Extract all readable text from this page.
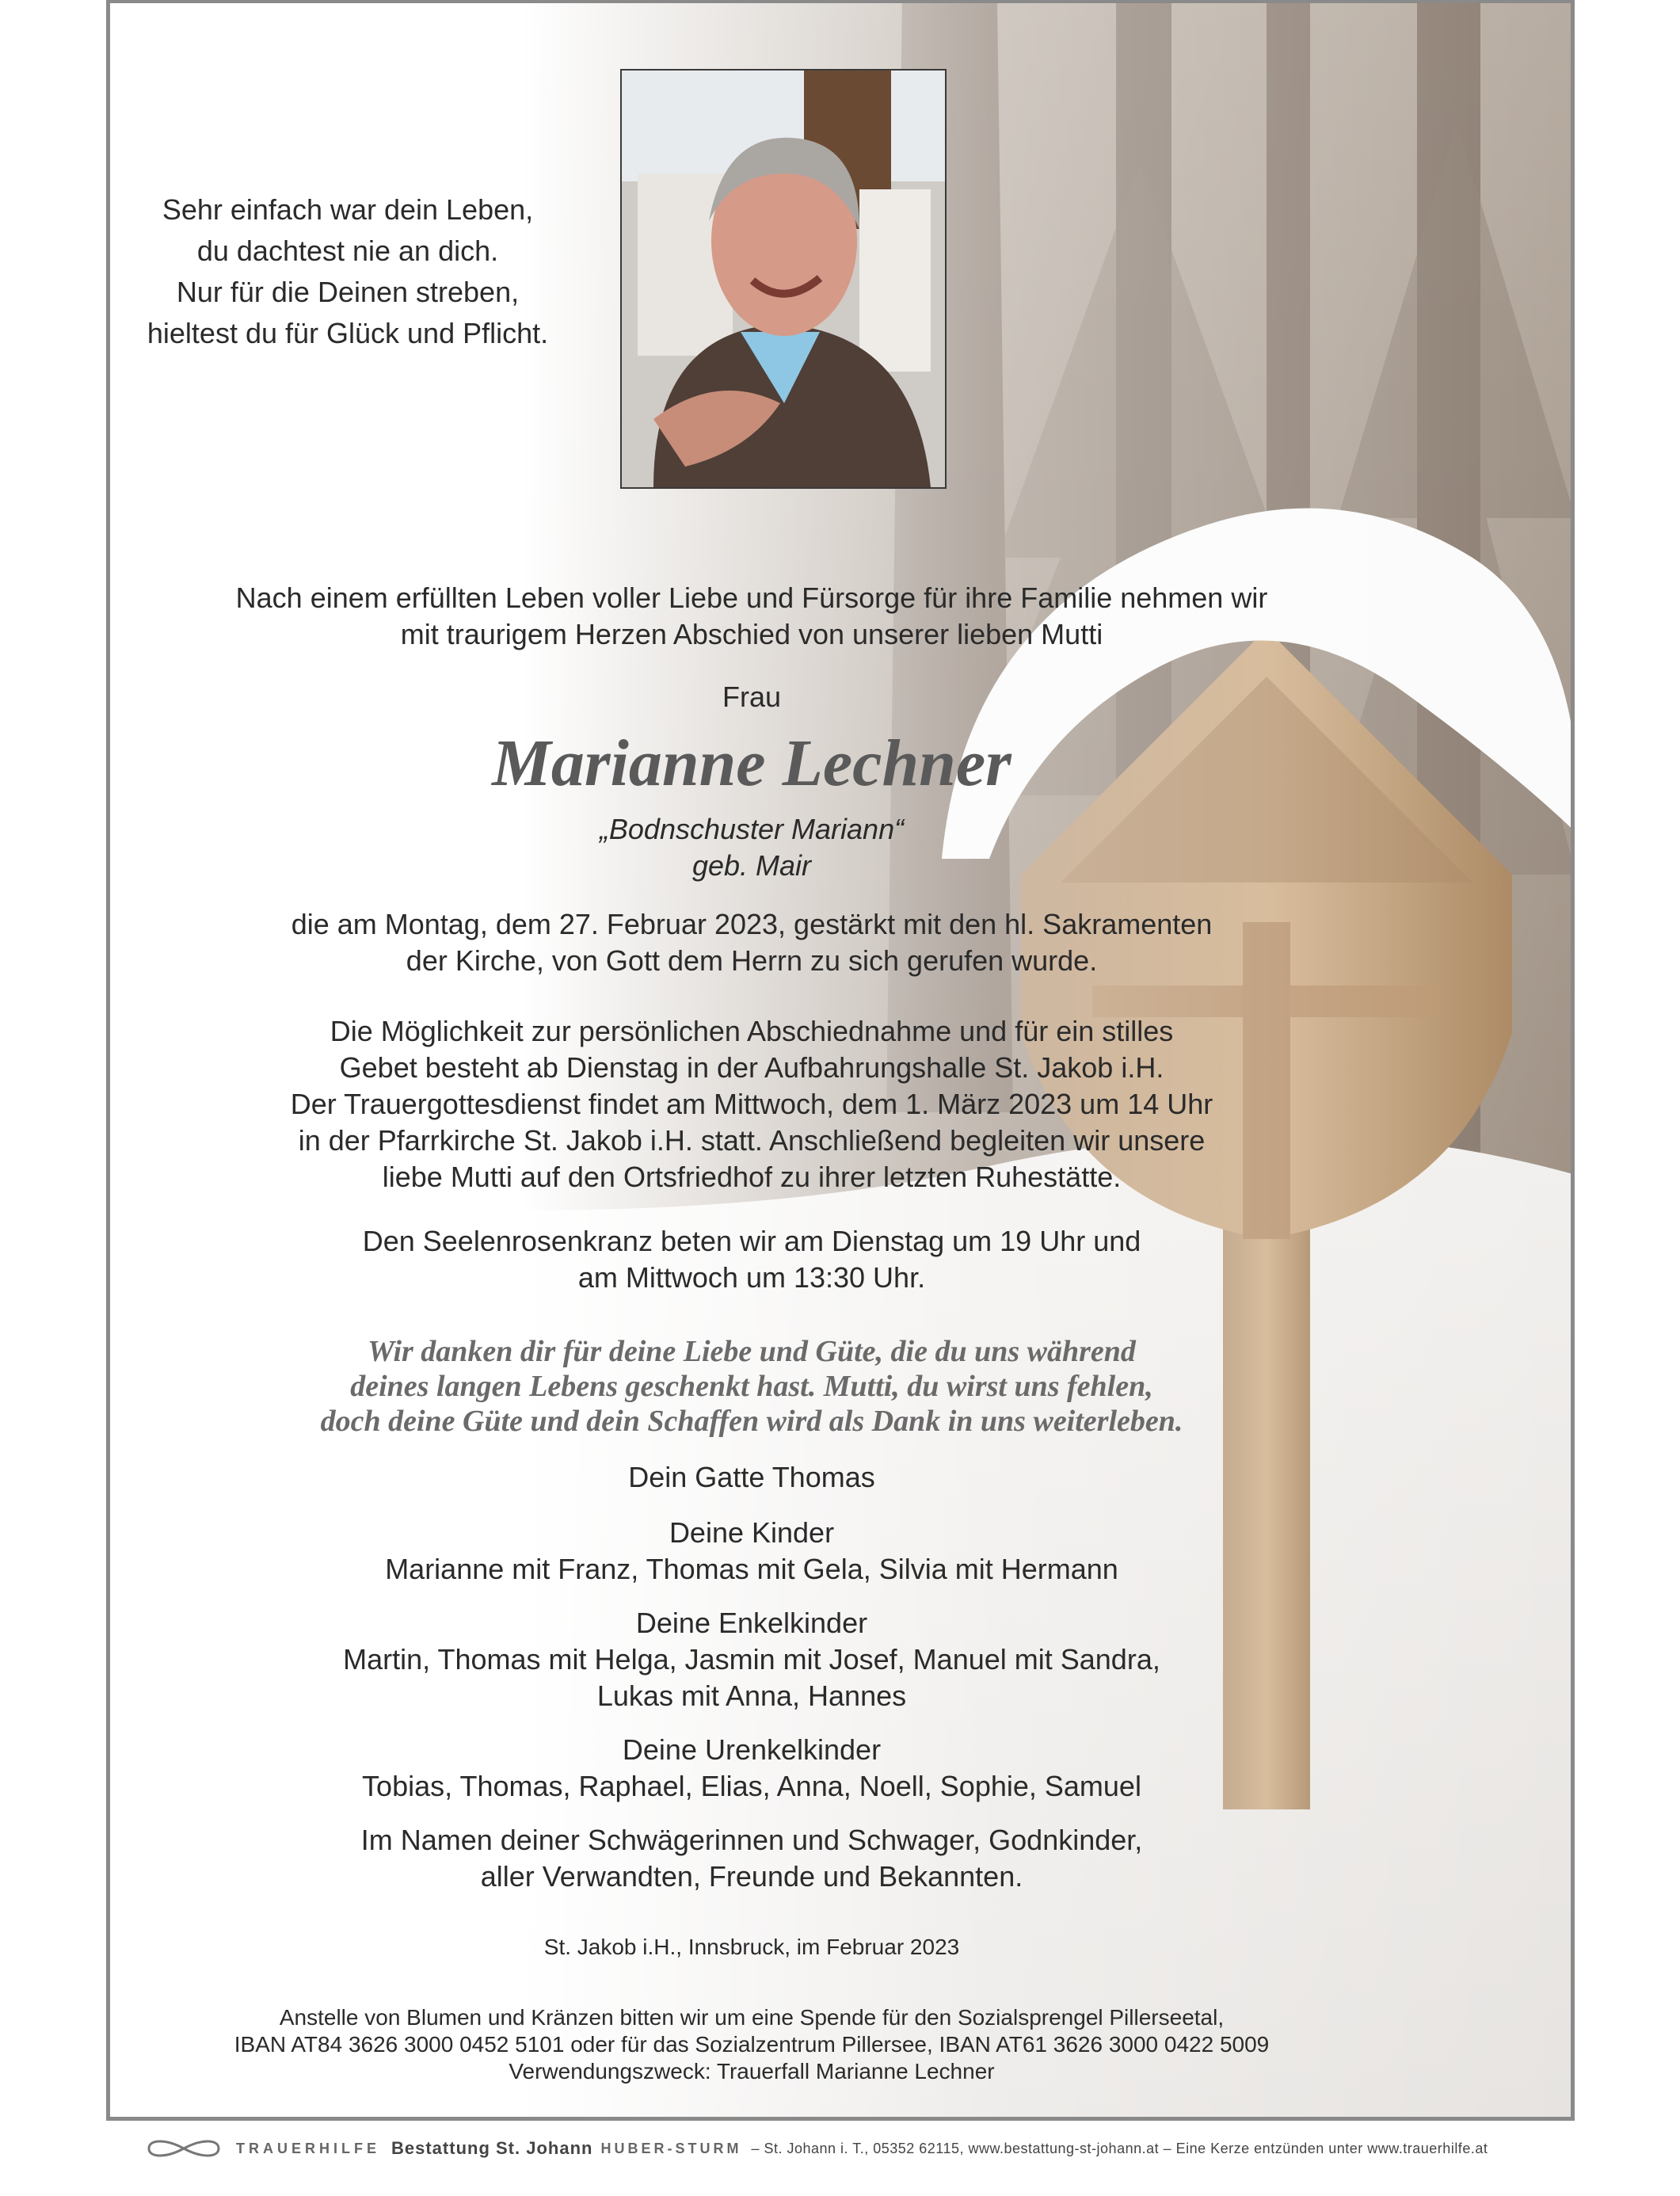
Sehr einfach war dein Leben,
du dachtest nie an dich.
Nur für die Deinen streben,
hieltest du für Glück und Pflicht.
Nach einem erfüllten Leben voller Liebe und Fürsorge für ihre Familie nehmen wir
mit traurigem Herzen Abschied von unserer lieben Mutti
Frau
Marianne Lechner
„Bodnschuster Mariann“
geb. Mair
die am Montag, dem 27. Februar 2023, gestärkt mit den hl. Sakramenten
der Kirche, von Gott dem Herrn zu sich gerufen wurde.
Die Möglichkeit zur persönlichen Abschiednahme und für ein stilles
Gebet besteht ab Dienstag in der Aufbahrungshalle St. Jakob i.H.
Der Trauergottesdienst findet am Mittwoch, dem 1. März 2023 um 14 Uhr
in der Pfarrkirche St. Jakob i.H. statt. Anschließend begleiten wir unsere
liebe Mutti auf den Ortsfriedhof zu ihrer letzten Ruhestätte.
Den Seelenrosenkranz beten wir am Dienstag um 19 Uhr und
am Mittwoch um 13:30 Uhr.
Wir danken dir für deine Liebe und Güte, die du uns während
deines langen Lebens geschenkt hast. Mutti, du wirst uns fehlen,
doch deine Güte und dein Schaffen wird als Dank in uns weiterleben.
Dein Gatte Thomas
Deine Kinder
Marianne mit Franz, Thomas mit Gela, Silvia mit Hermann
Deine Enkelkinder
Martin, Thomas mit Helga, Jasmin mit Josef, Manuel mit Sandra,
Lukas mit Anna, Hannes
Deine Urenkelkinder
Tobias, Thomas, Raphael, Elias, Anna, Noell, Sophie, Samuel
Im Namen deiner Schwägerinnen und Schwager, Godnkinder,
aller Verwandten, Freunde und Bekannten.
St. Jakob i.H., Innsbruck, im Februar 2023
Anstelle von Blumen und Kränzen bitten wir um eine Spende für den Sozialsprengel Pillerseetal,
IBAN AT84 3626 3000 0452 5101 oder für das Sozialzentrum Pillersee, IBAN AT61 3626 3000 0422 5009
Verwendungszweck: Trauerfall Marianne Lechner
TRAUERHILFE Bestattung St. Johann HUBER-STURM – St. Johann i. T., 05352 62115, www.bestattung-st-johann.at – Eine Kerze entzünden unter www.trauerhilfe.at
